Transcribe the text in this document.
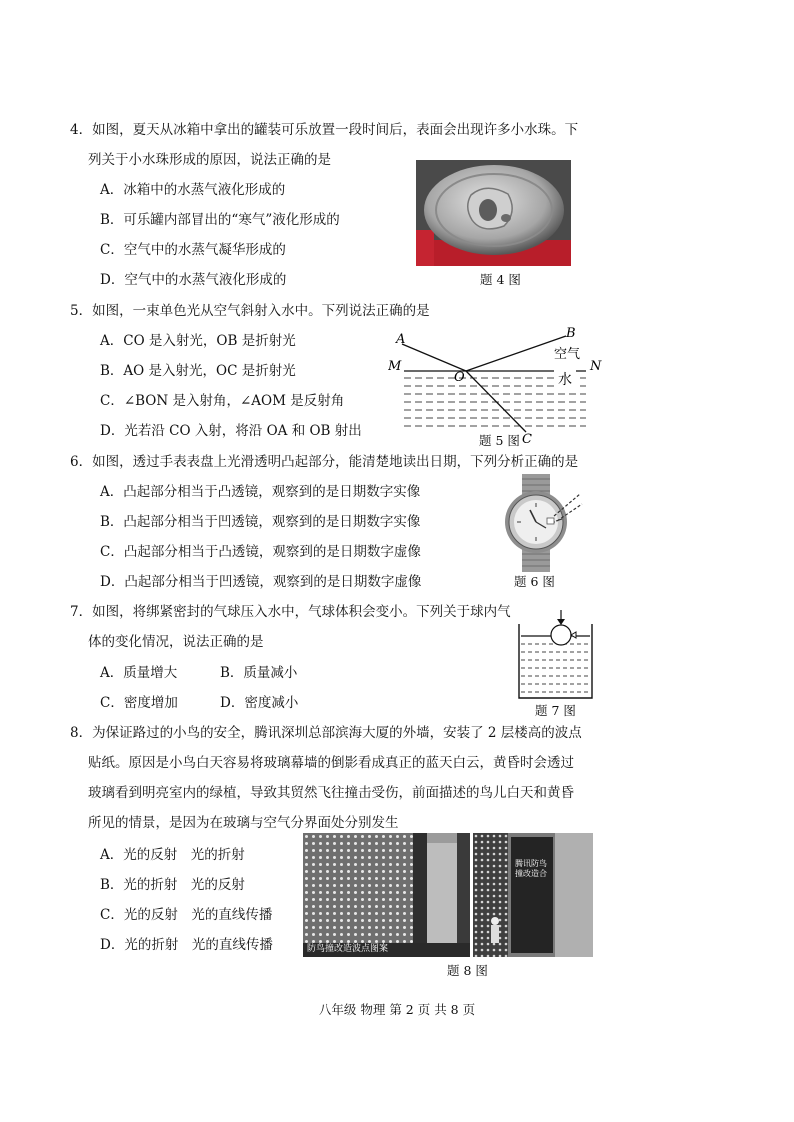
4．如图，夏天从冰箱中拿出的罐装可乐放置一段时间后，表面会出现许多小水珠。下
列关于小水珠形成的原因，说法正确的是
A．冰箱中的水蒸气液化形成的
B．可乐罐内部冒出的“寒气”液化形成的
C．空气中的水蒸气凝华形成的
D．空气中的水蒸气液化形成的	题 4 图
5．如图，一束单色光从空气斜射入水中。下列说法正确的是
A．CO 是入射光，OB 是折射光
B．AO 是入射光，OC 是折射光
C．∠BON 是入射角，∠AOM 是反射角
D．光若沿 CO 入射，将沿 OA 和 OB 射出
A	B
C
M	N
O
空气
水
题 5 图
6．如图，透过手表表盘上光滑透明凸起部分，能清楚地读出日期，下列分析正确的是
A．凸起部分相当于凸透镜，观察到的是日期数字实像
B．凸起部分相当于凹透镜，观察到的是日期数字实像
C．凸起部分相当于凸透镜，观察到的是日期数字虚像
D．凸起部分相当于凹透镜，观察到的是日期数字虚像	题 6 图
7．如图，将绑紧密封的气球压入水中，气球体积会变小。下列关于球内气
体的变化情况，说法正确的是
A．质量增大	B．质量减小
C．密度增加	D．密度减小	题 7 图
8．为保证路过的小鸟的安全，腾讯深圳总部滨海大厦的外墙，安装了 2 层楼高的波点
贴纸。原因是小鸟白天容易将玻璃幕墙的倒影看成真正的蓝天白云，黄昏时会透过
玻璃看到明亮室内的绿植，导致其贸然飞往撞击受伤，前面描述的鸟儿白天和黄昏
所见的情景，是因为在玻璃与空气分界面处分别发生
A．光的反射　光的折射
B．光的折射　光的反射
C．光的反射　光的直线传播
D．光的折射　光的直线传播	防鸟撞改造波点图案
腾讯防鸟撞改造合
题 8 图
八年级 物理 第 2 页 共 8 页
